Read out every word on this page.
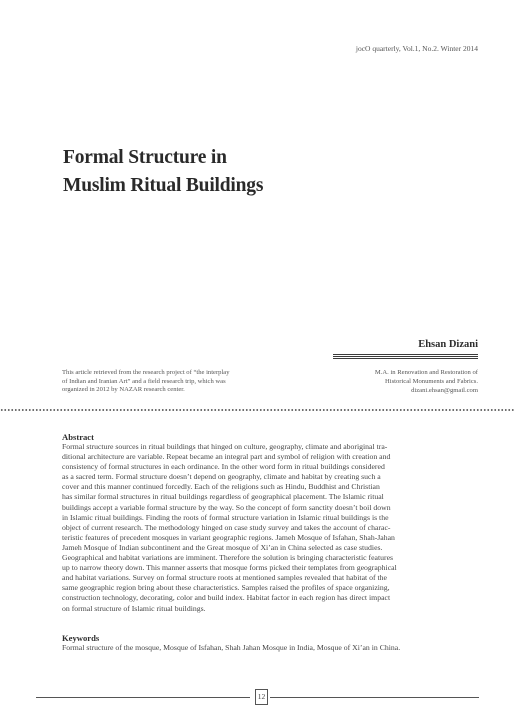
jocO quarterly, Vol.1, No.2. Winter 2014
Formal Structure in
Muslim Ritual Buildings
This article retrieved from the research project of “the interplay
of Indian and Iranian Art” and a field research trip, which was
organized in 2012 by NAZAR research center.
Ehsan Dizani
M.A. in Renovation and Restoration of
Historical Monuments and Fabrics.
dizani.ehsan@gmail.com
Abstract
Formal structure sources in ritual buildings that hinged on culture, geography, climate and aboriginal tra-
ditional architecture are variable. Repeat became an integral part and symbol of religion with creation and
consistency of formal structures in each ordinance. In the other word form in ritual buildings considered
as a sacred term. Formal structure doesn’t depend on geography, climate and habitat by creating such a
cover and this manner continued forcedly. Each of the religions such as Hindu, Buddhist and Christian
has similar formal structures in ritual buildings regardless of geographical placement. The Islamic ritual
buildings accept a variable formal structure by the way. So the concept of form sanctity doesn’t boil down
in Islamic ritual buildings. Finding the roots of formal structure variation in Islamic ritual buildings is the
object of current research. The methodology hinged on case study survey and takes the account of charac-
teristic features of precedent mosques in variant geographic regions. Jameh Mosque of Isfahan, Shah-Jahan
Jameh Mosque of Indian subcontinent and the Great mosque of Xi’an in China selected as case studies.
Geographical and habitat variations are imminent. Therefore the solution is bringing characteristic features
up to narrow theory down. This manner asserts that mosque forms picked their templates from geographical
and habitat variations. Survey on formal structure roots at mentioned samples revealed that habitat of the
same geographic region bring about these characteristics. Samples raised the profiles of space organizing,
construction technology, decorating, color and build index. Habitat factor in each region has direct impact
on formal structure of Islamic ritual buildings.
Keywords
Formal structure of the mosque, Mosque of Isfahan, Shah Jahan Mosque in India, Mosque of Xi’an in China.
12
